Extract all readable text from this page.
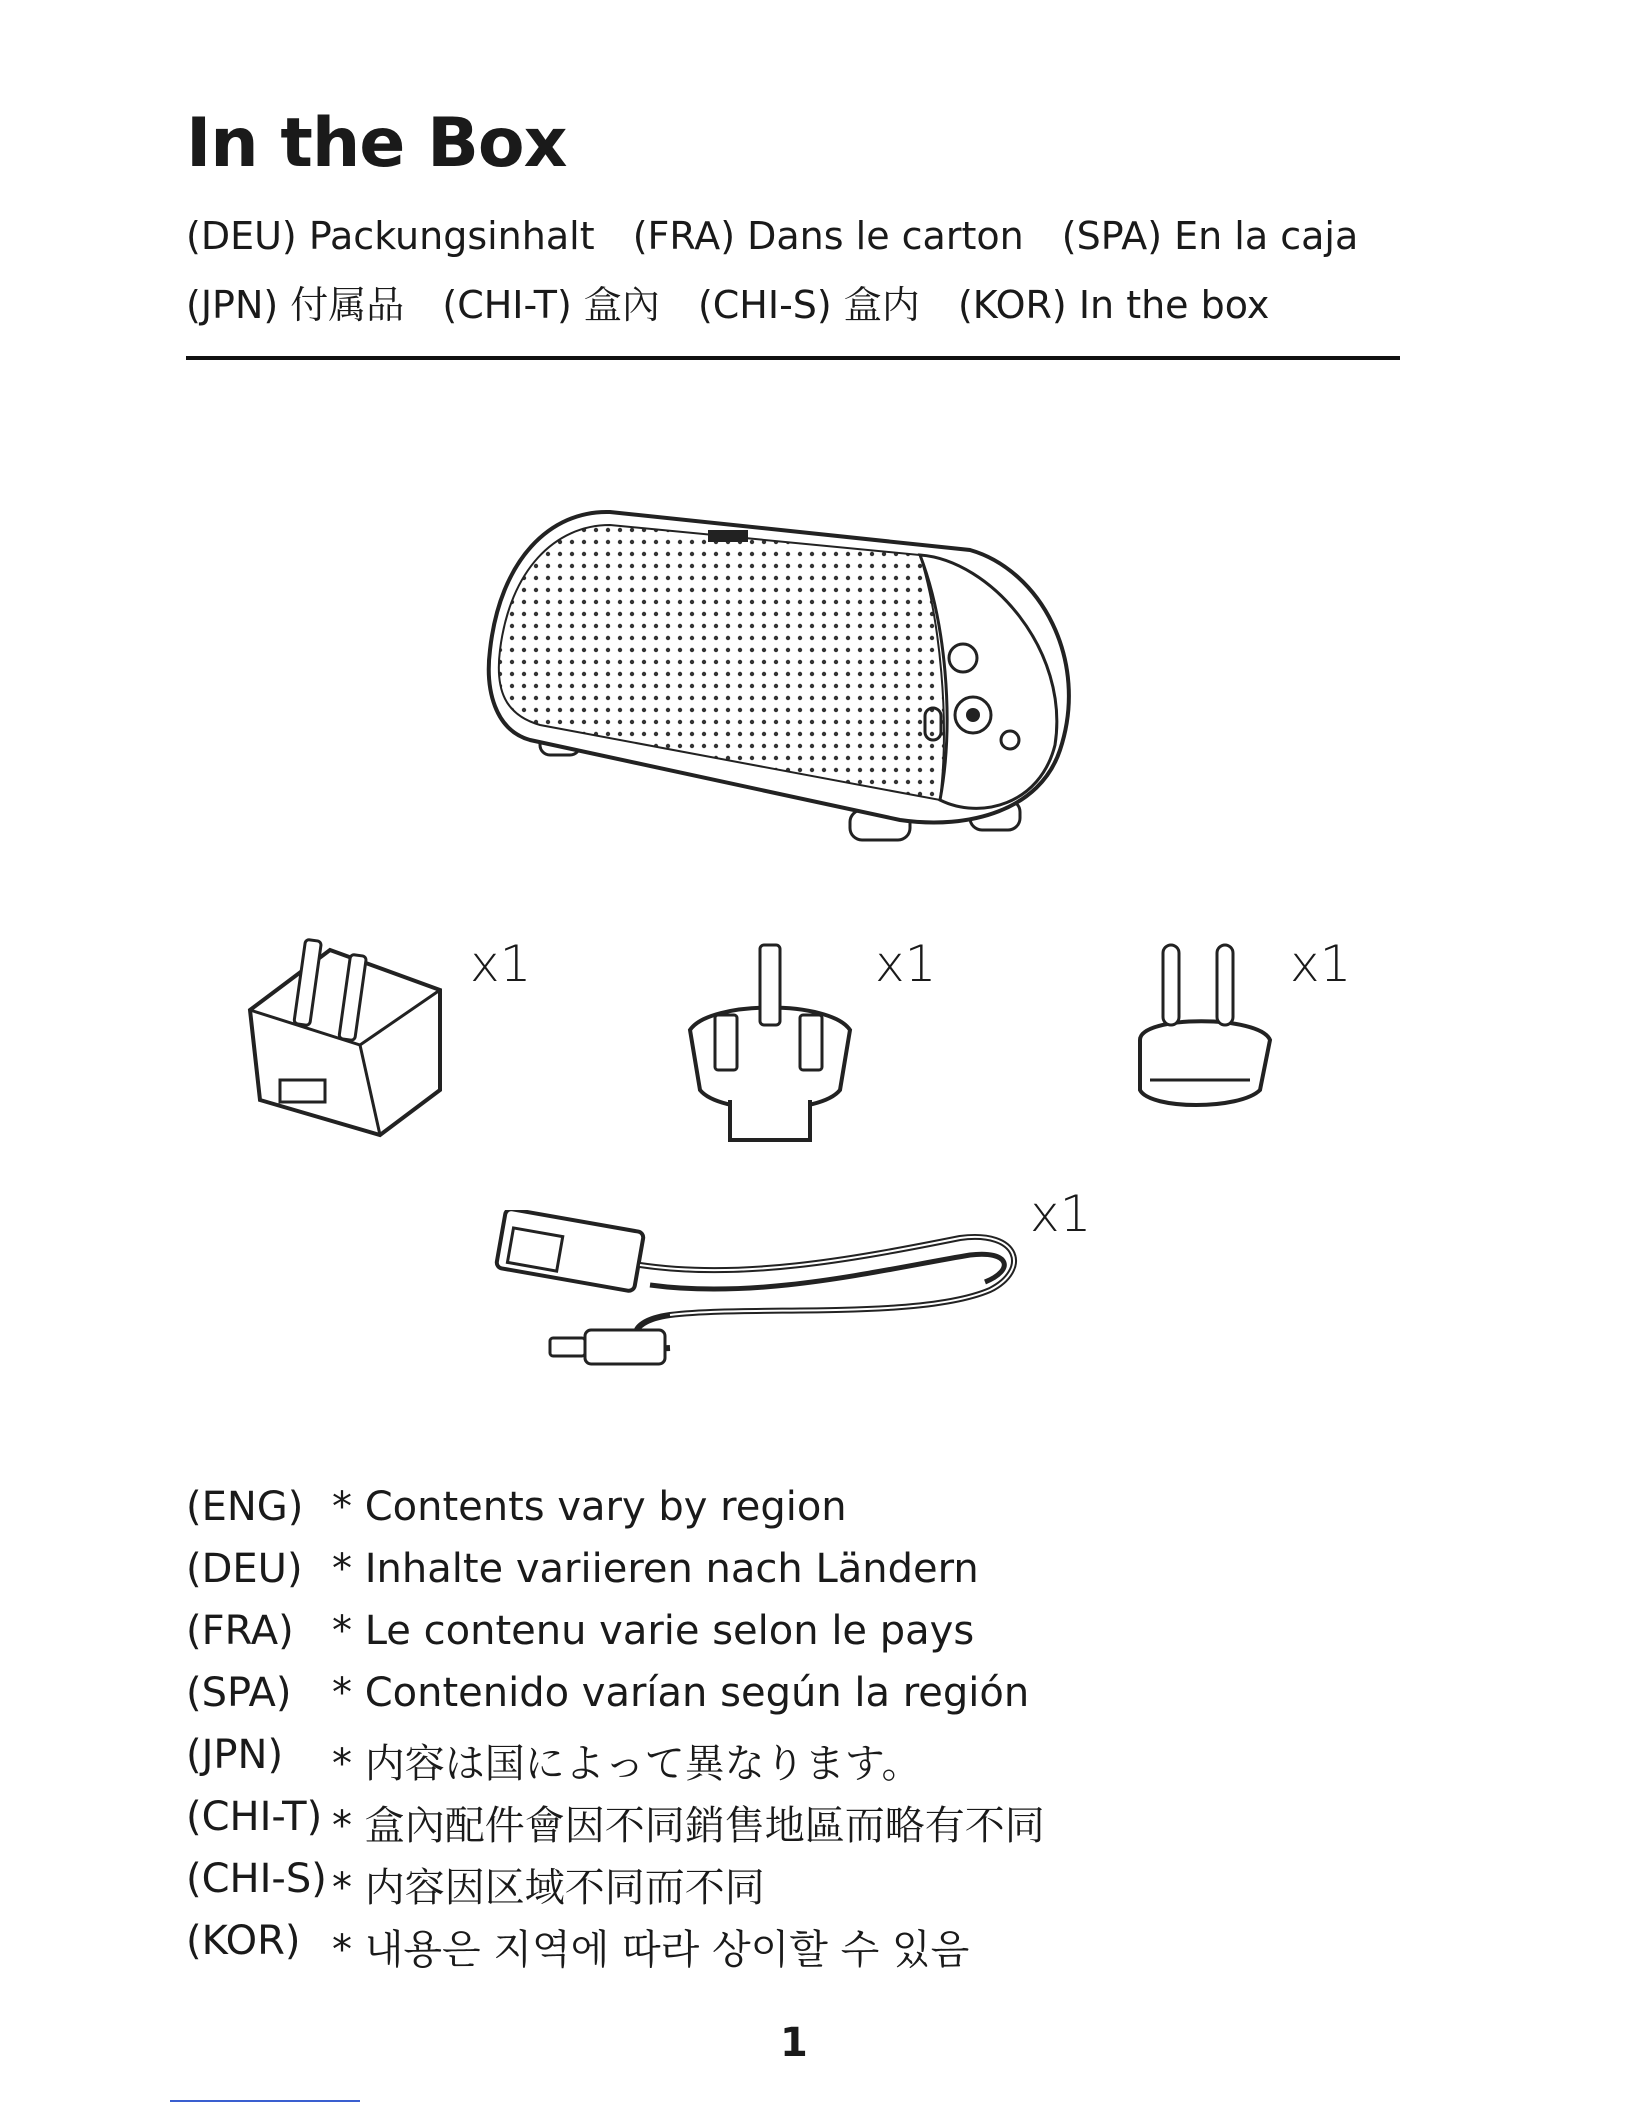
In the Box
(DEU) Packungsinhalt (FRA) Dans le carton (SPA) En la caja
(JPN) 付属品 (CHI-T) 盒內 (CHI-S) 盒内 (KOR) In the box
x1	x1	x1
x1
(ENG) * Contents vary by region
(DEU) * Inhalte variieren nach Ländern
(FRA) * Le contenu varie selon le pays
(SPA)	* Contenido varían según la región
(JPN)	* 内容は国によって異なります。
(CHI-T) * 盒內配件會因不同銷售地區而略有不同
(CHI-S) * 内容因区域不同而不同
(KOR) * 내용은 지역에 따라 상이할 수 있음
1
